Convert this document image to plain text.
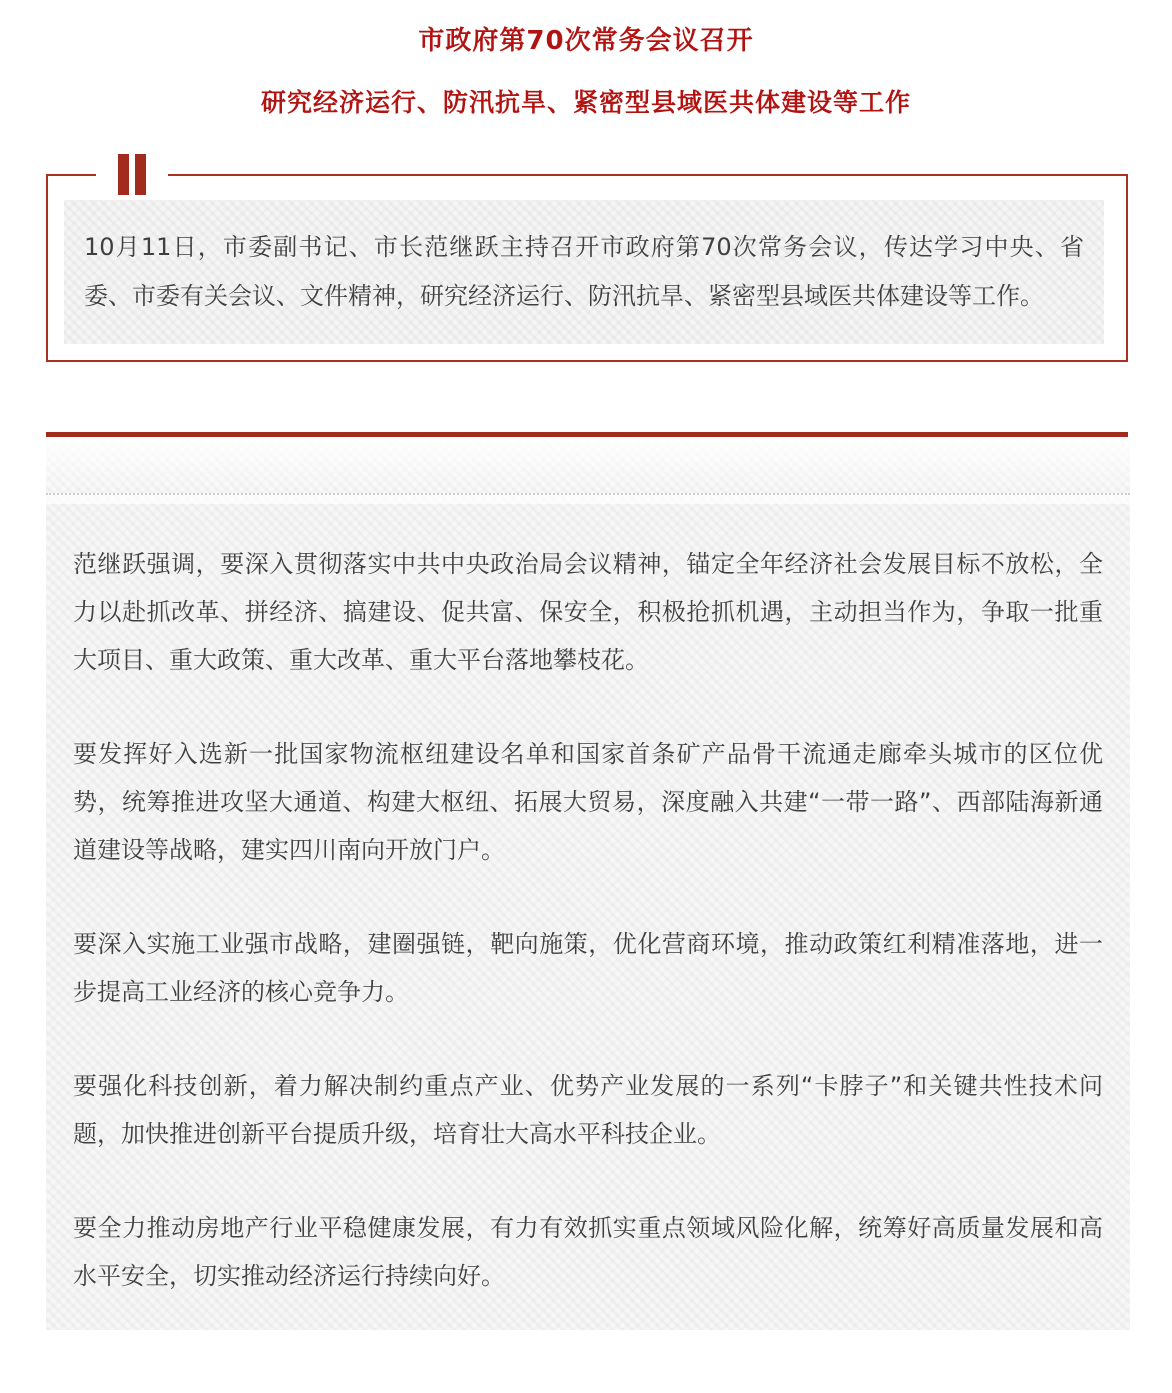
市政府第70次常务会议召开
研究经济运行、防汛抗旱、紧密型县域医共体建设等工作

10月11日，市委副书记、市长范继跃主持召开市政府第70次常务会议，传达学习中央、省委、市委有关会议、文件精神，研究经济运行、防汛抗旱、紧密型县域医共体建设等工作。

范继跃强调，要深入贯彻落实中共中央政治局会议精神，锚定全年经济社会发展目标不放松，全力以赴抓改革、拼经济、搞建设、促共富、保安全，积极抢抓机遇，主动担当作为，争取一批重大项目、重大政策、重大改革、重大平台落地攀枝花。

要发挥好入选新一批国家物流枢纽建设名单和国家首条矿产品骨干流通走廊牵头城市的区位优势，统筹推进攻坚大通道、构建大枢纽、拓展大贸易，深度融入共建“一带一路”、西部陆海新通道建设等战略，建实四川南向开放门户。

要深入实施工业强市战略，建圈强链，靶向施策，优化营商环境，推动政策红利精准落地，进一步提高工业经济的核心竞争力。

要强化科技创新，着力解决制约重点产业、优势产业发展的一系列“卡脖子”和关键共性技术问题，加快推进创新平台提质升级，培育壮大高水平科技企业。

要全力推动房地产行业平稳健康发展，有力有效抓实重点领域风险化解，统筹好高质量发展和高水平安全，切实推动经济运行持续向好。
